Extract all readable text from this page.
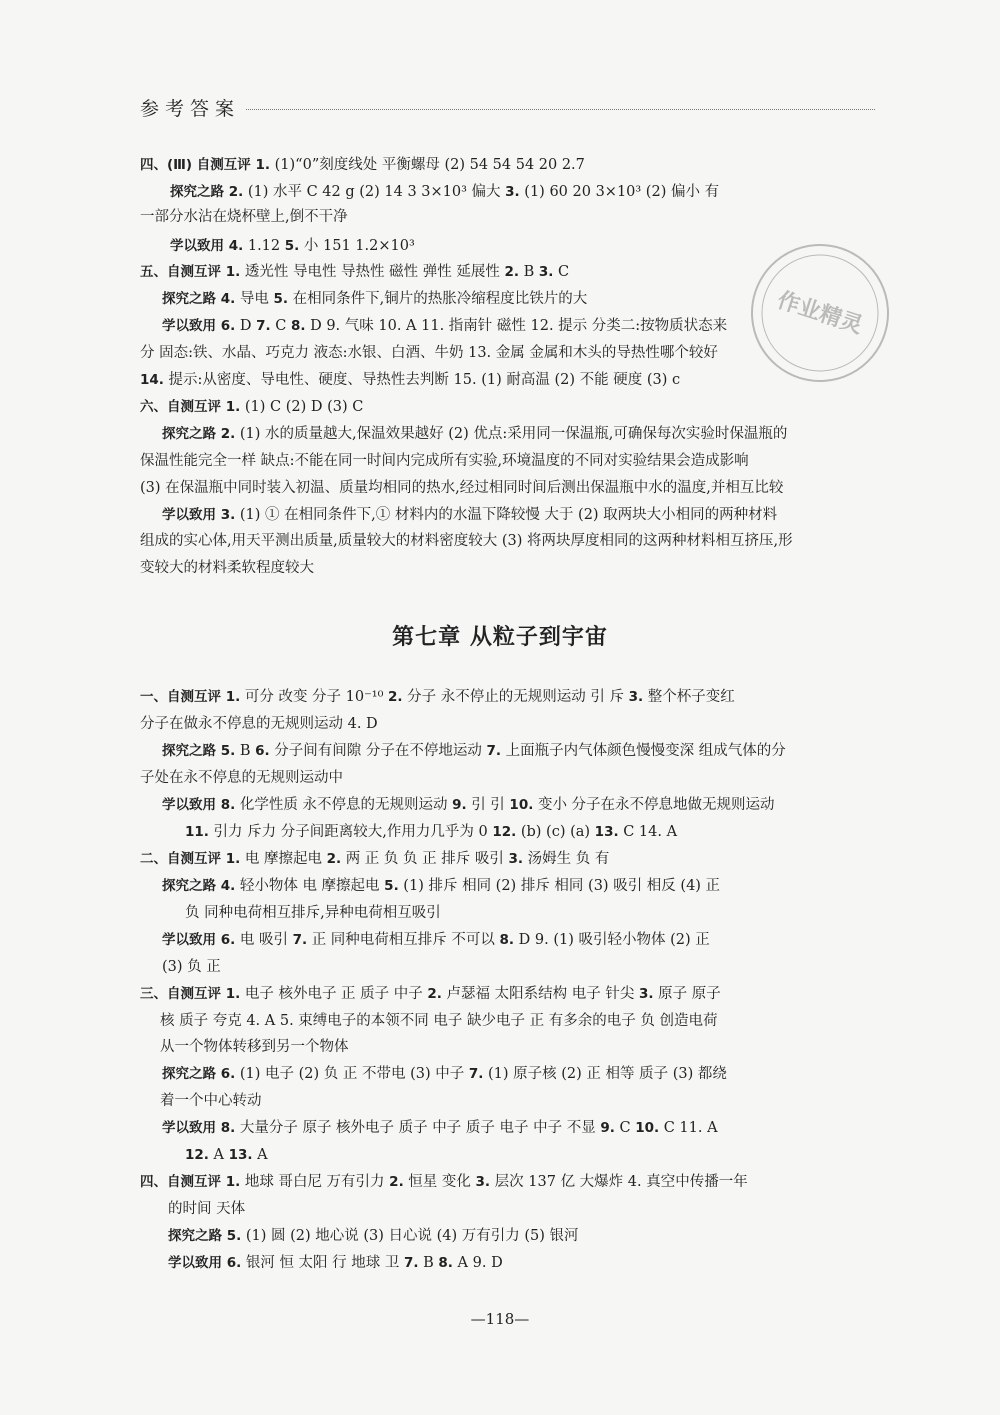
参考答案
四、(Ⅲ) 自测互评 1. (1)“0”刻度线处 平衡螺母 (2) 54 54 54 20 2.7
探究之路 2. (1) 水平 C 42 g (2) 14 3 3×10³ 偏大 3. (1) 60 20 3×10³ (2) 偏小 有
一部分水沾在烧杯壁上,倒不干净
学以致用 4. 1.12 5. 小 151 1.2×10³
五、自测互评 1. 透光性 导电性 导热性 磁性 弹性 延展性 2. B 3. C
探究之路 4. 导电 5. 在相同条件下,铜片的热胀冷缩程度比铁片的大
学以致用 6. D 7. C 8. D 9. 气味 10. A 11. 指南针 磁性 12. 提示 分类二:按物质状态来
分 固态:铁、水晶、巧克力 液态:水银、白酒、牛奶 13. 金属 金属和木头的导热性哪个较好
14. 提示:从密度、导电性、硬度、导热性去判断 15. (1) 耐高温 (2) 不能 硬度 (3) c
六、自测互评 1. (1) C (2) D (3) C
探究之路 2. (1) 水的质量越大,保温效果越好 (2) 优点:采用同一保温瓶,可确保每次实验时保温瓶的
保温性能完全一样 缺点:不能在同一时间内完成所有实验,环境温度的不同对实验结果会造成影响
(3) 在保温瓶中同时装入初温、质量均相同的热水,经过相同时间后测出保温瓶中水的温度,并相互比较
学以致用 3. (1) ① 在相同条件下,① 材料内的水温下降较慢 大于 (2) 取两块大小相同的两种材料
组成的实心体,用天平测出质量,质量较大的材料密度较大 (3) 将两块厚度相同的这两种材料相互挤压,形
变较大的材料柔软程度较大
一、自测互评 1. 可分 改变 分子 10⁻¹⁰ 2. 分子 永不停止的无规则运动 引 斥 3. 整个杯子变红
分子在做永不停息的无规则运动 4. D
探究之路 5. B 6. 分子间有间隙 分子在不停地运动 7. 上面瓶子内气体颜色慢慢变深 组成气体的分
子处在永不停息的无规则运动中
学以致用 8. 化学性质 永不停息的无规则运动 9. 引 引 10. 变小 分子在永不停息地做无规则运动
11. 引力 斥力 分子间距离较大,作用力几乎为 0 12. (b) (c) (a) 13. C 14. A
二、自测互评 1. 电 摩擦起电 2. 两 正 负 负 正 排斥 吸引 3. 汤姆生 负 有
探究之路 4. 轻小物体 电 摩擦起电 5. (1) 排斥 相同 (2) 排斥 相同 (3) 吸引 相反 (4) 正
负 同种电荷相互排斥,异种电荷相互吸引
学以致用 6. 电 吸引 7. 正 同种电荷相互排斥 不可以 8. D 9. (1) 吸引轻小物体 (2) 正
(3) 负 正
三、自测互评 1. 电子 核外电子 正 质子 中子 2. 卢瑟福 太阳系结构 电子 针尖 3. 原子 原子
核 质子 夸克 4. A 5. 束缚电子的本领不同 电子 缺少电子 正 有多余的电子 负 创造电荷
从一个物体转移到另一个物体
探究之路 6. (1) 电子 (2) 负 正 不带电 (3) 中子 7. (1) 原子核 (2) 正 相等 质子 (3) 都绕
着一个中心转动
学以致用 8. 大量分子 原子 核外电子 质子 中子 质子 电子 中子 不显 9. C 10. C 11. A
12. A 13. A
四、自测互评 1. 地球 哥白尼 万有引力 2. 恒星 变化 3. 层次 137 亿 大爆炸 4. 真空中传播一年
的时间 天体
探究之路 5. (1) 圆 (2) 地心说 (3) 日心说 (4) 万有引力 (5) 银河
学以致用 6. 银河 恒 太阳 行 地球 卫 7. B 8. A 9. D
第七章 从粒子到宇宙
作业精灵
—118—
